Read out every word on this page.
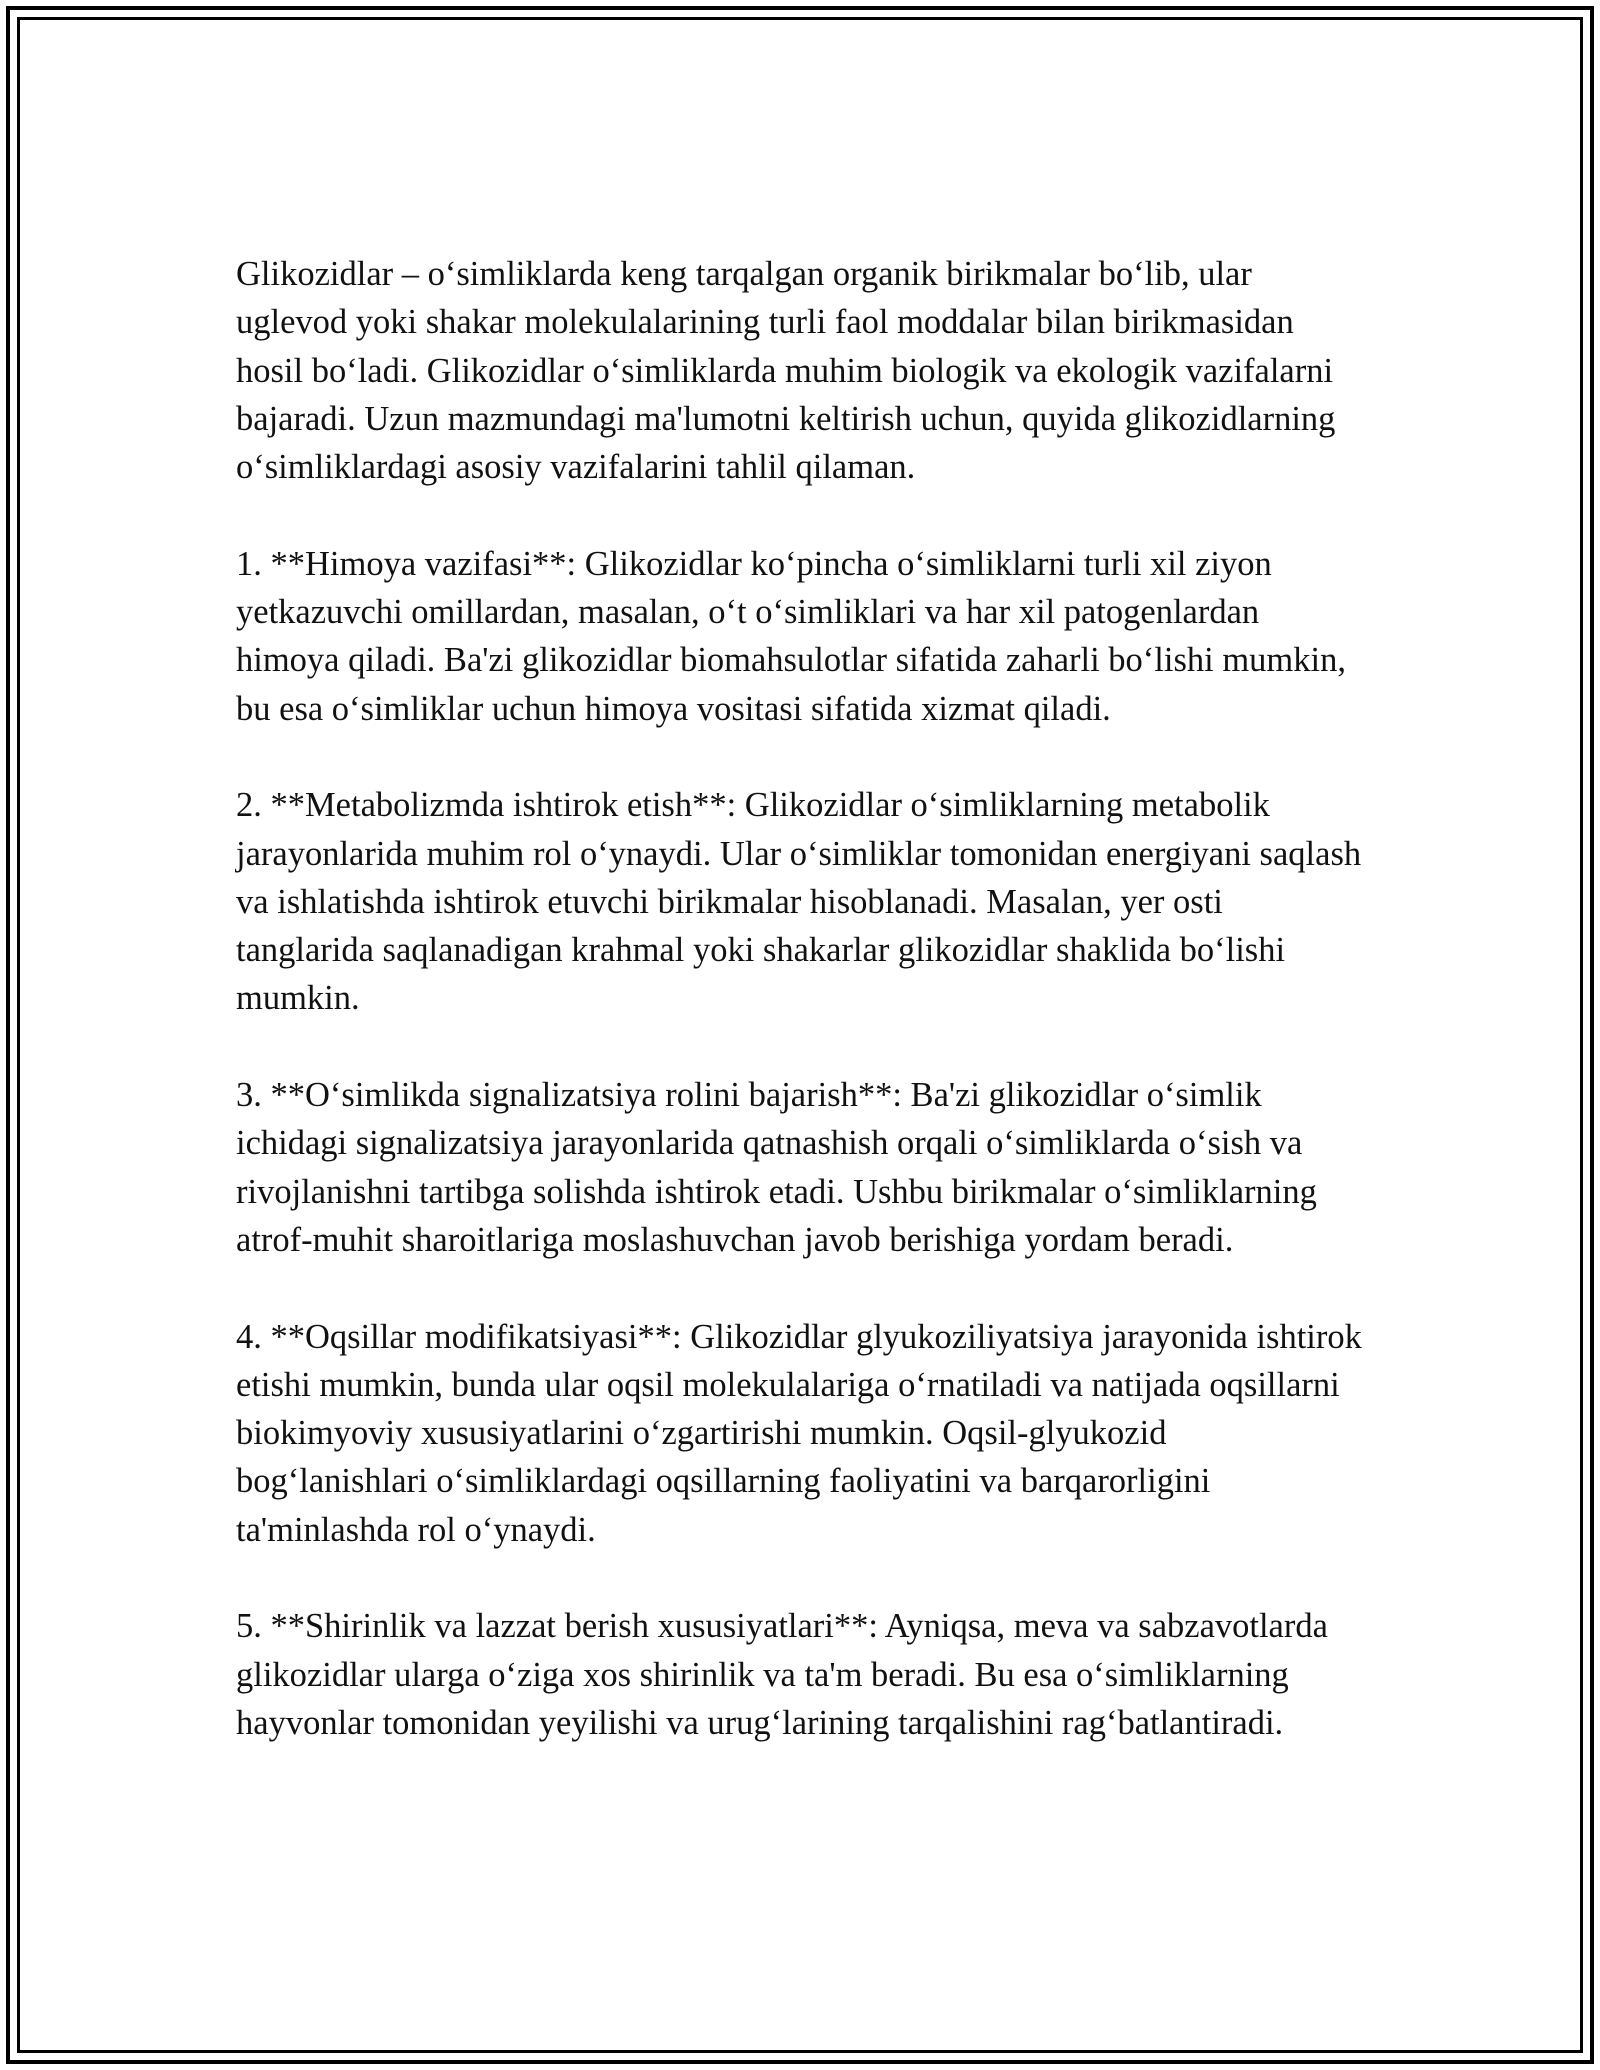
Glikozidlar – o‘simliklarda keng tarqalgan organik birikmalar bo‘lib, ular uglevod yoki shakar molekulalarining turli faol moddalar bilan birikmasidan hosil bo‘ladi. Glikozidlar o‘simliklarda muhim biologik va ekologik vazifalarni bajaradi. Uzun mazmundagi ma'lumotni keltirish uchun, quyida glikozidlarning o‘simliklardagi asosiy vazifalarini tahlil qilaman.

1. **Himoya vazifasi**: Glikozidlar ko‘pincha o‘simliklarni turli xil ziyon yetkazuvchi omillardan, masalan, o‘t o‘simliklari va har xil patogenlardan himoya qiladi. Ba'zi glikozidlar biomahsulotlar sifatida zaharli bo‘lishi mumkin, bu esa o‘simliklar uchun himoya vositasi sifatida xizmat qiladi.

2. **Metabolizmda ishtirok etish**: Glikozidlar o‘simliklarning metabolik jarayonlarida muhim rol o‘ynaydi. Ular o‘simliklar tomonidan energiyani saqlash va ishlatishda ishtirok etuvchi birikmalar hisoblanadi. Masalan, yer osti tanglarida saqlanadigan krahmal yoki shakarlar glikozidlar shaklida bo‘lishi mumkin.

3. **O‘simlikda signalizatsiya rolini bajarish**: Ba'zi glikozidlar o‘simlik ichidagi signalizatsiya jarayonlarida qatnashish orqali o‘simliklarda o‘sish va rivojlanishni tartibga solishda ishtirok etadi. Ushbu birikmalar o‘simliklarning atrof-muhit sharoitlariga moslashuvchan javob berishiga yordam beradi.

4. **Oqsillar modifikatsiyasi**: Glikozidlar glyukoziliyatsiya jarayonida ishtirok etishi mumkin, bunda ular oqsil molekulalariga o‘rnatiladi va natijada oqsillarni biokimyoviy xususiyatlarini o‘zgartirishi mumkin. Oqsil-glyukozid bog‘lanishlari o‘simliklardagi oqsillarning faoliyatini va barqarorligini ta'minlashda rol o‘ynaydi.

5. **Shirinlik va lazzat berish xususiyatlari**: Ayniqsa, meva va sabzavotlarda glikozidlar ularga o‘ziga xos shirinlik va ta'm beradi. Bu esa o‘simliklarning hayvonlar tomonidan yeyilishi va urug‘larining tarqalishini rag‘batlantiradi.
